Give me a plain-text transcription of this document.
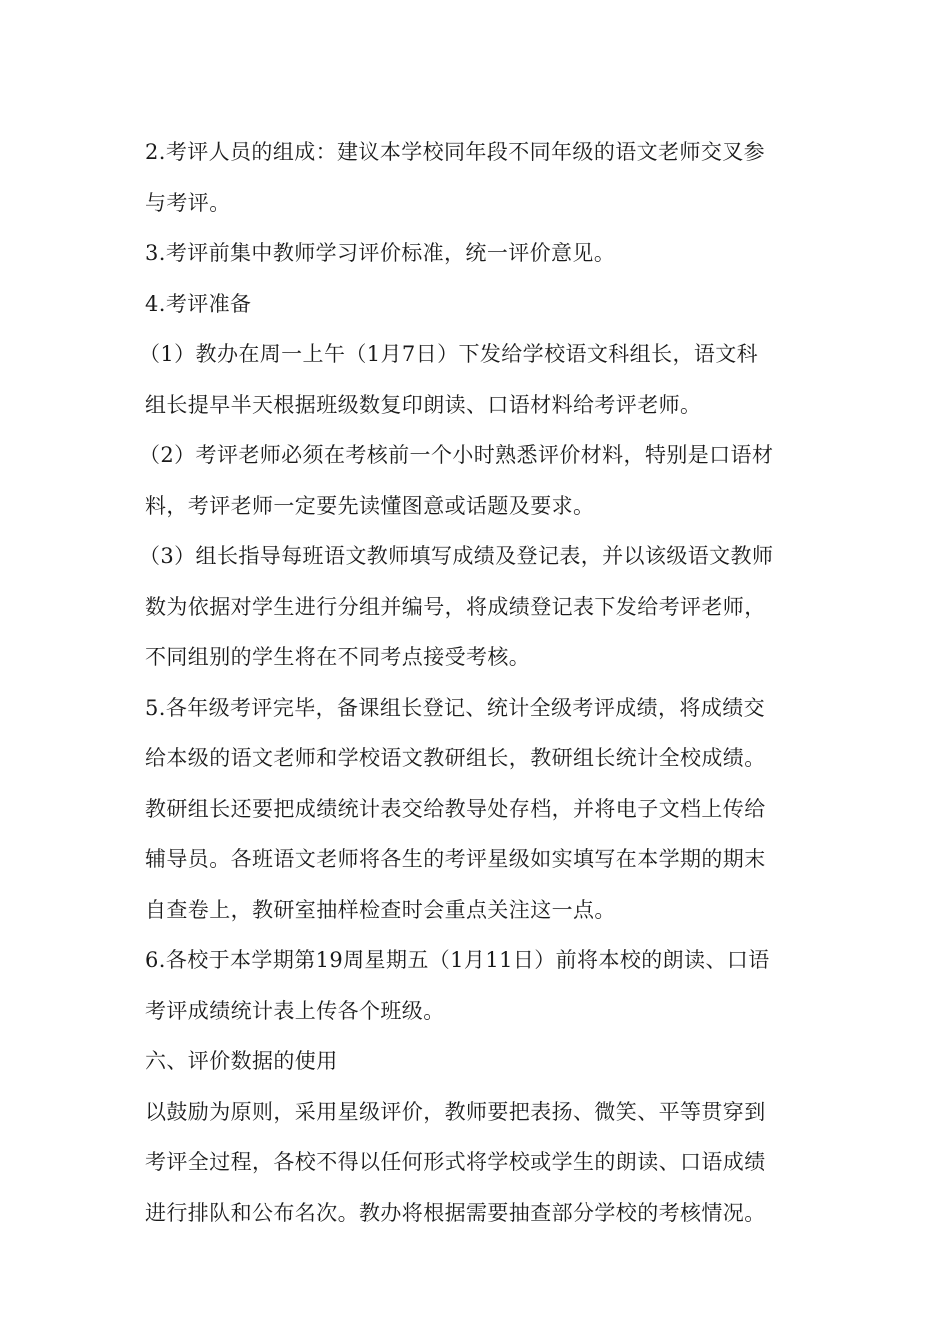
2.考评人员的组成：建议本学校同年段不同年级的语文老师交叉参
与考评。
3.考评前集中教师学习评价标准，统一评价意见。
4.考评准备
（1）教办在周一上午（1月7日）下发给学校语文科组长，语文科
组长提早半天根据班级数复印朗读、口语材料给考评老师。
（2）考评老师必须在考核前一个小时熟悉评价材料，特别是口语材
料，考评老师一定要先读懂图意或话题及要求。
（3）组长指导每班语文教师填写成绩及登记表，并以该级语文教师
数为依据对学生进行分组并编号，将成绩登记表下发给考评老师，
不同组别的学生将在不同考点接受考核。
5.各年级考评完毕，备课组长登记、统计全级考评成绩，将成绩交
给本级的语文老师和学校语文教研组长，教研组长统计全校成绩。
教研组长还要把成绩统计表交给教导处存档，并将电子文档上传给
辅导员。各班语文老师将各生的考评星级如实填写在本学期的期末
自查卷上，教研室抽样检查时会重点关注这一点。
6.各校于本学期第19周星期五（1月11日）前将本校的朗读、口语
考评成绩统计表上传各个班级。
六、评价数据的使用
以鼓励为原则，采用星级评价，教师要把表扬、微笑、平等贯穿到
考评全过程，各校不得以任何形式将学校或学生的朗读、口语成绩
进行排队和公布名次。教办将根据需要抽查部分学校的考核情况。
